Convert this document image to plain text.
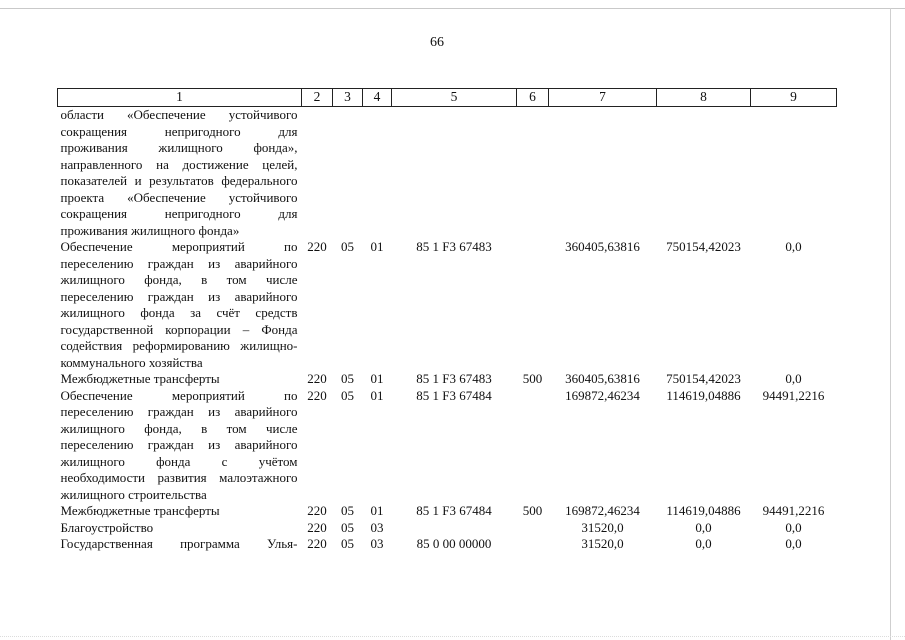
66
1	2	3	4	5	6	7	8	9
области «Обеспечение устойчивого сокращения непригодного для проживания жилищного фонда», направленного на достижение целей, показателей и результатов федерального проекта «Обеспечение устойчивого сокращения непригодного для проживания жилищного фонда»								
Обеспечение мероприятий по переселению граждан из аварийного жилищного фонда, в том числе переселению граждан из аварийного жилищного фонда за счёт средств государственной корпорации – Фонда содействия реформированию жилищно-коммунального хозяйства	220	05	01	85 1 F3 67483		360405,63816	750154,42023	0,0
Межбюджетные трансферты	220	05	01	85 1 F3 67483	500	360405,63816	750154,42023	0,0
Обеспечение мероприятий по переселению граждан из аварийного жилищного фонда, в том числе переселению граждан из аварийного жилищного фонда с учётом необходимости развития малоэтажного жилищного строительства	220	05	01	85 1 F3 67484		169872,46234	114619,04886	94491,2216
Межбюджетные трансферты	220	05	01	85 1 F3 67484	500	169872,46234	114619,04886	94491,2216
Благоустройство	220	05	03			31520,0	0,0	0,0
Государственная программа Улья-	220	05	03	85 0 00 00000		31520,0	0,0	0,0
